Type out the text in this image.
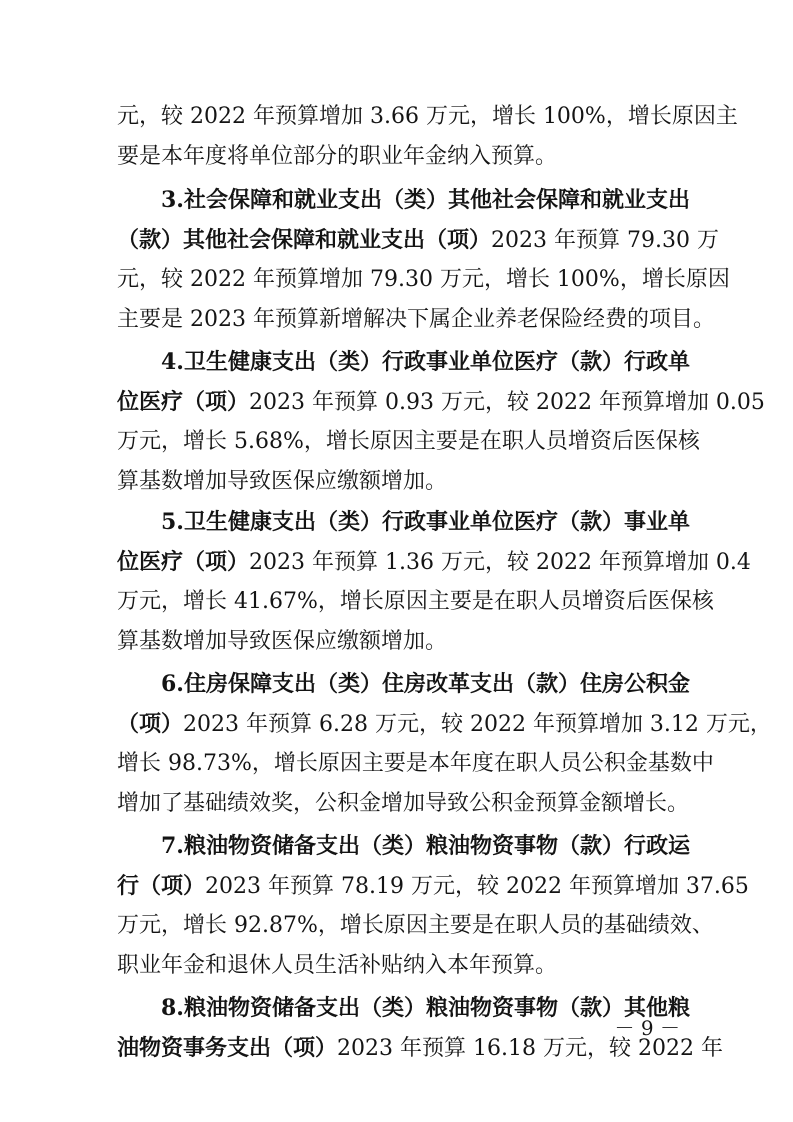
元，较 2022 年预算增加 3.66 万元，增长 100%，增长原因主
要是本年度将单位部分的职业年金纳入预算。
3.社会保障和就业支出（类）其他社会保障和就业支出
（款）其他社会保障和就业支出（项）2023 年预算 79.30 万
元，较 2022 年预算增加 79.30 万元，增长 100%，增长原因
主要是 2023 年预算新增解决下属企业养老保险经费的项目。
4.卫生健康支出（类）行政事业单位医疗（款）行政单
位医疗（项）2023 年预算 0.93 万元，较 2022 年预算增加 0.05
万元，增长 5.68%，增长原因主要是在职人员增资后医保核
算基数增加导致医保应缴额增加。
5.卫生健康支出（类）行政事业单位医疗（款）事业单
位医疗（项）2023 年预算 1.36 万元，较 2022 年预算增加 0.4
万元，增长 41.67%，增长原因主要是在职人员增资后医保核
算基数增加导致医保应缴额增加。
6.住房保障支出（类）住房改革支出（款）住房公积金
（项）2023 年预算 6.28 万元，较 2022 年预算增加 3.12 万元，
增长 98.73%，增长原因主要是本年度在职人员公积金基数中
增加了基础绩效奖，公积金增加导致公积金预算金额增长。
7.粮油物资储备支出（类）粮油物资事物（款）行政运
行（项）2023 年预算 78.19 万元，较 2022 年预算增加 37.65
万元，增长 92.87%，增长原因主要是在职人员的基础绩效、
职业年金和退休人员生活补贴纳入本年预算。
8.粮油物资储备支出（类）粮油物资事物（款）其他粮
油物资事务支出（项）2023 年预算 16.18 万元，较 2022 年
－ 9 －
